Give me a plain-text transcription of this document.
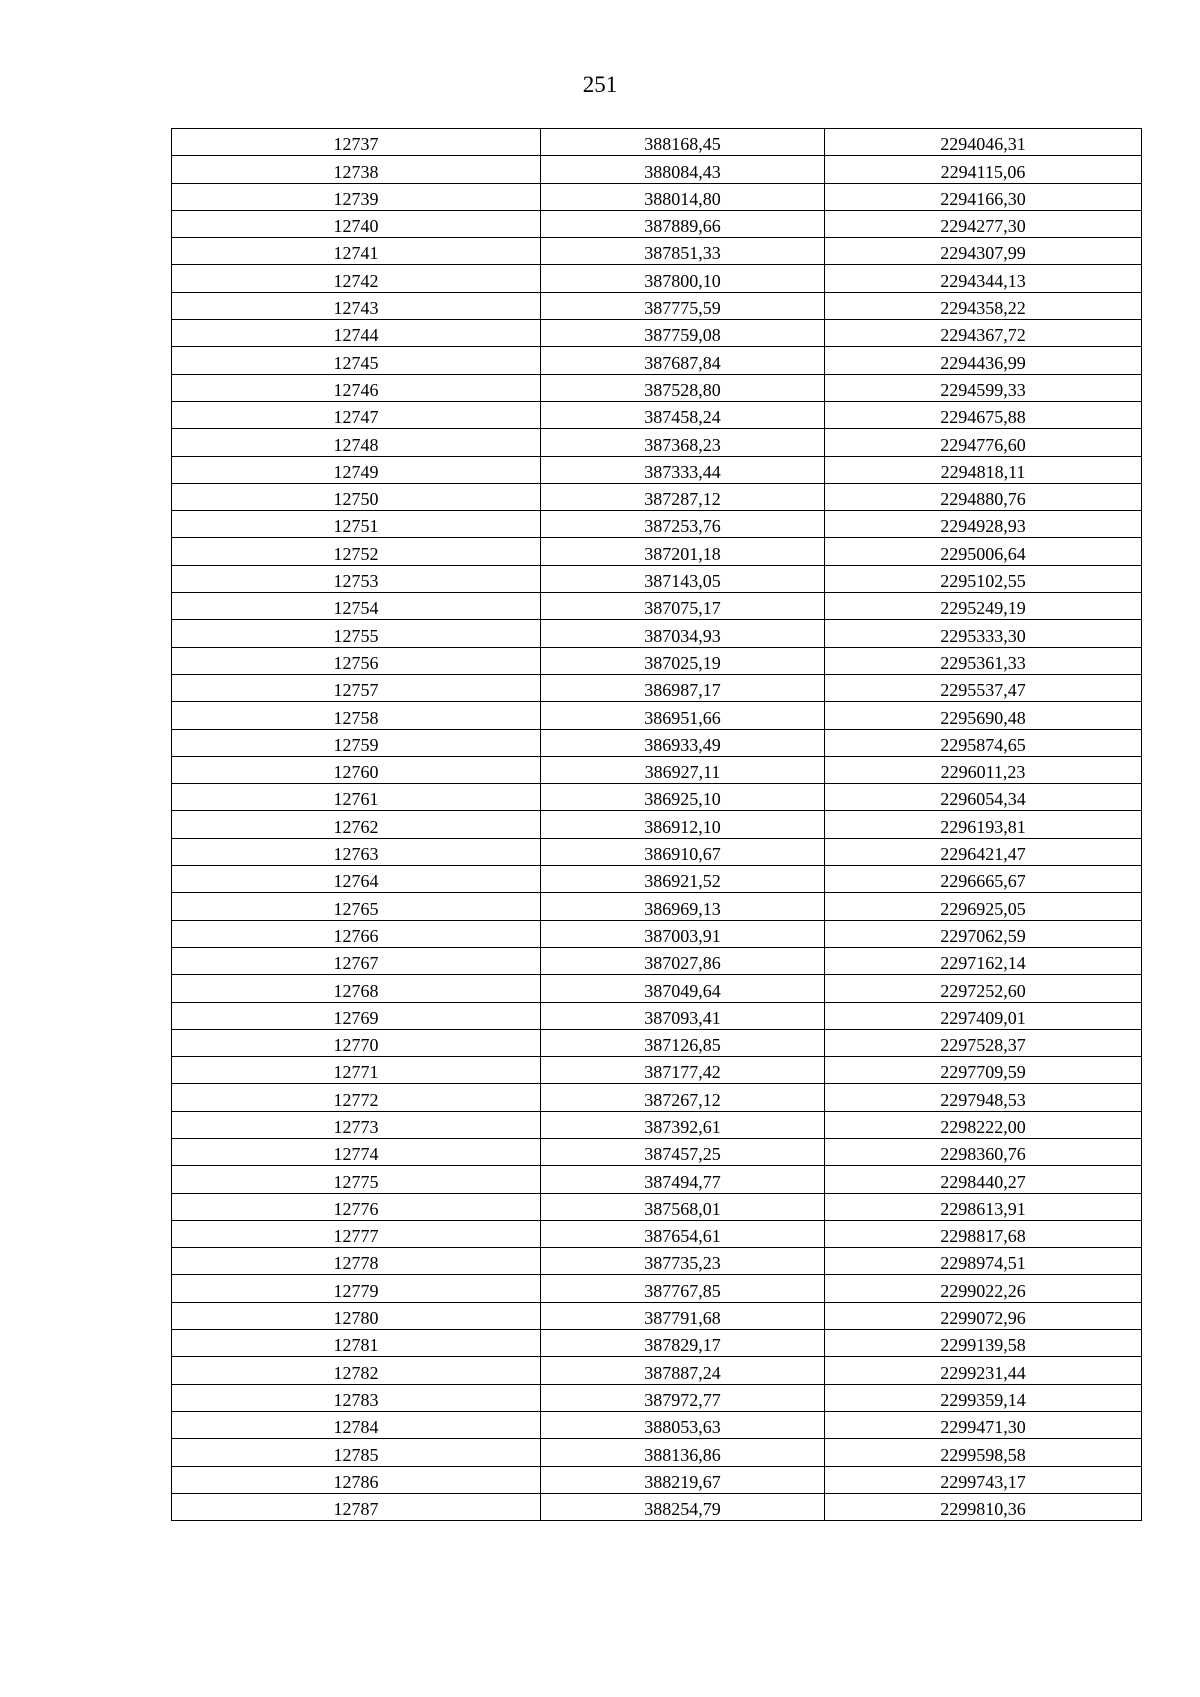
251
12737	388168,45	2294046,31
12738	388084,43	2294115,06
12739	388014,80	2294166,30
12740	387889,66	2294277,30
12741	387851,33	2294307,99
12742	387800,10	2294344,13
12743	387775,59	2294358,22
12744	387759,08	2294367,72
12745	387687,84	2294436,99
12746	387528,80	2294599,33
12747	387458,24	2294675,88
12748	387368,23	2294776,60
12749	387333,44	2294818,11
12750	387287,12	2294880,76
12751	387253,76	2294928,93
12752	387201,18	2295006,64
12753	387143,05	2295102,55
12754	387075,17	2295249,19
12755	387034,93	2295333,30
12756	387025,19	2295361,33
12757	386987,17	2295537,47
12758	386951,66	2295690,48
12759	386933,49	2295874,65
12760	386927,11	2296011,23
12761	386925,10	2296054,34
12762	386912,10	2296193,81
12763	386910,67	2296421,47
12764	386921,52	2296665,67
12765	386969,13	2296925,05
12766	387003,91	2297062,59
12767	387027,86	2297162,14
12768	387049,64	2297252,60
12769	387093,41	2297409,01
12770	387126,85	2297528,37
12771	387177,42	2297709,59
12772	387267,12	2297948,53
12773	387392,61	2298222,00
12774	387457,25	2298360,76
12775	387494,77	2298440,27
12776	387568,01	2298613,91
12777	387654,61	2298817,68
12778	387735,23	2298974,51
12779	387767,85	2299022,26
12780	387791,68	2299072,96
12781	387829,17	2299139,58
12782	387887,24	2299231,44
12783	387972,77	2299359,14
12784	388053,63	2299471,30
12785	388136,86	2299598,58
12786	388219,67	2299743,17
12787	388254,79	2299810,36
